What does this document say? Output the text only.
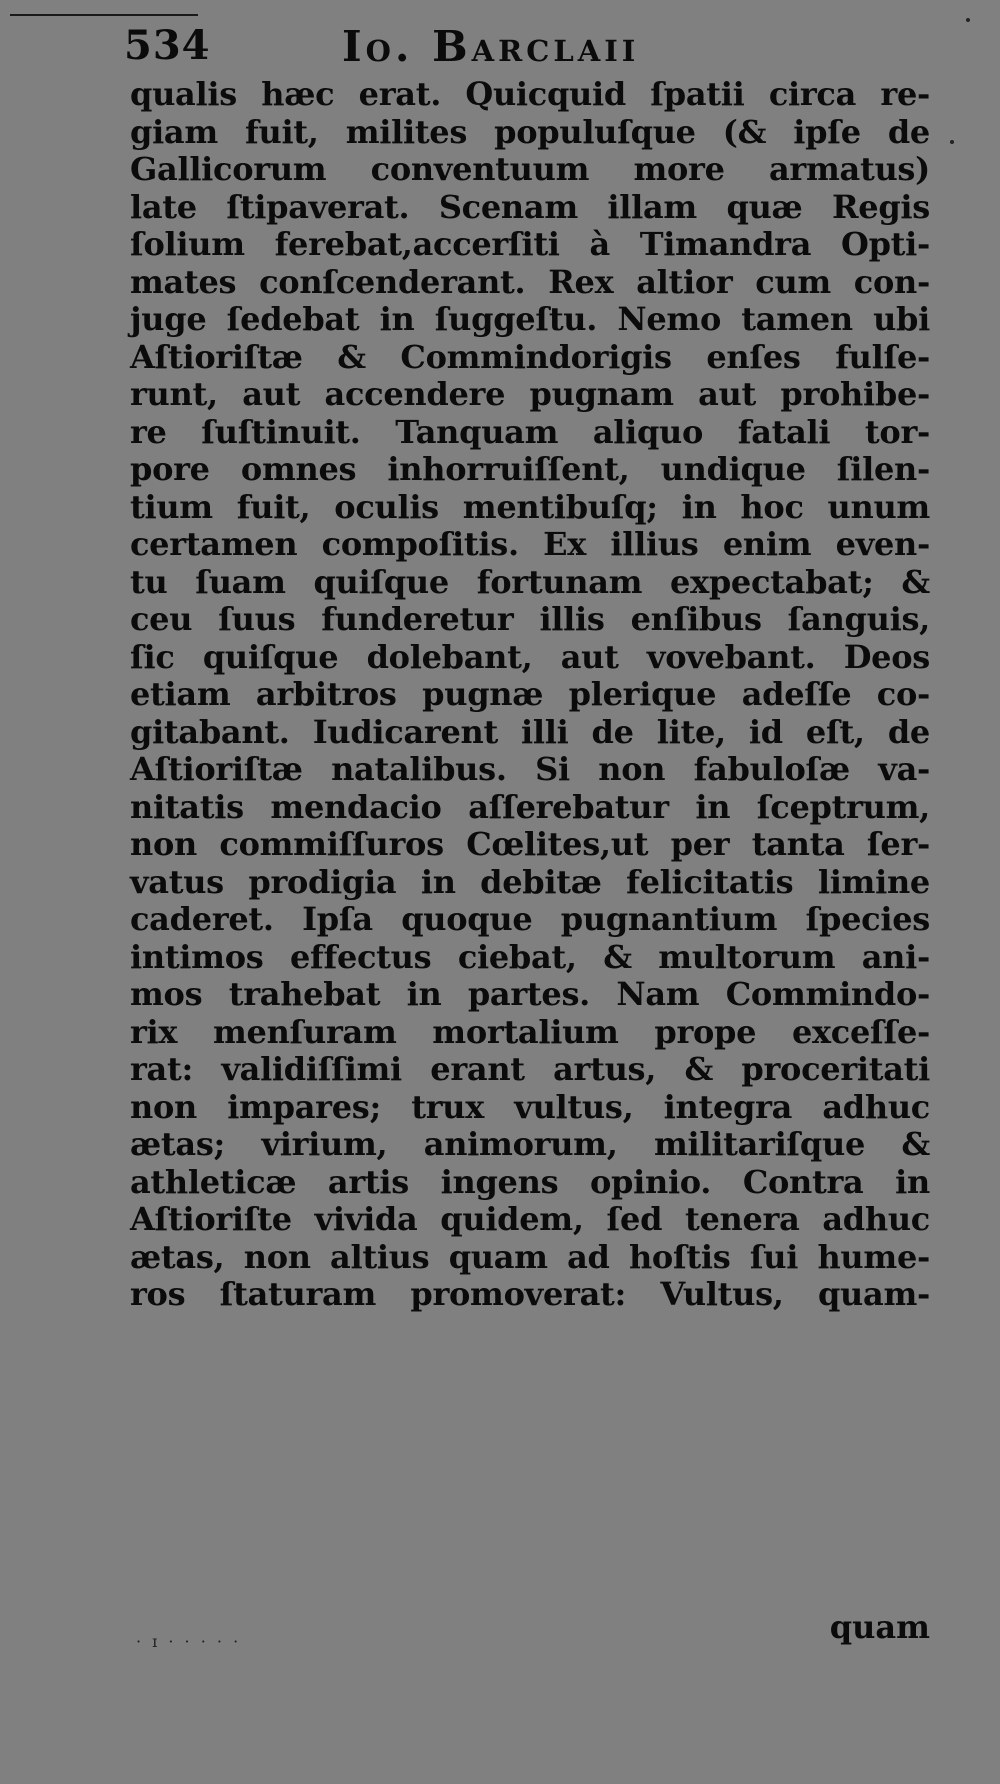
534	Io. Barclaii
qualis hæc erat. Quicquid ſpatii circa re-
giam fuit, milites populuſque (& ipſe de
Gallicorum conventuum more armatus)
late ſtipaverat. Scenam illam quæ Regis
ſolium ferebat,accerſiti à Timandra Opti-
mates conſcenderant. Rex altior cum con-
juge ſedebat in ſuggeſtu. Nemo tamen ubi
Aſtioriſtæ & Commindorigis enſes fulſe-
runt, aut accendere pugnam aut prohibe-
re ſuſtinuit. Tanquam aliquo fatali tor-
pore omnes inhorruiſſent, undique ſilen-
tium fuit, oculis mentibuſq; in hoc unum
certamen compoſitis. Ex illius enim even-
tu ſuam quiſque fortunam expectabat; &
ceu ſuus funderetur illis enſibus ſanguis,
ſic quiſque dolebant, aut vovebant. Deos
etiam arbitros pugnæ plerique adeſſe co-
gitabant. Iudicarent illi de lite, id eſt, de
Aſtioriſtæ natalibus. Si non fabuloſæ va-
nitatis mendacio aſſerebatur in ſceptrum,
non commiſſuros Cœlites,ut per tanta ſer-
vatus prodigia in debitæ felicitatis limine
caderet. Ipſa quoque pugnantium ſpecies
intimos effectus ciebat, & multorum ani-
mos trahebat in partes. Nam Commindo-
rix menſuram mortalium prope exceſſe-
rat: validiſſimi erant artus, & proceritati
non impares; trux vultus, integra adhuc
ætas; virium, animorum, militariſque &
athleticæ artis ingens opinio. Contra in
Aſtioriſte vivida quidem, ſed tenera adhuc
ætas, non altius quam ad hoſtis ſui hume-
ros ſtaturam promoverat: Vultus, quam-
· ɪ · · · · ·	quam
